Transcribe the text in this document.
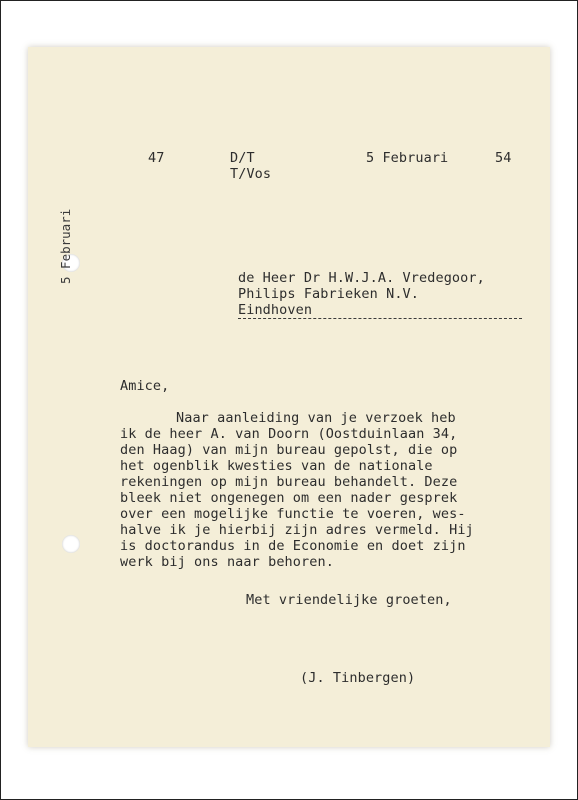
5 Februari
47	D/T
T/Vos
5 Februari	54
de Heer Dr H.W.J.A. Vredegoor,
Philips Fabrieken N.V.
Eindhoven
Amice,
Naar aanleiding van je verzoek heb
ik de heer A. van Doorn (Oostduinlaan 34,
den Haag) van mijn bureau gepolst, die op
het ogenblik kwesties van de nationale
rekeningen op mijn bureau behandelt. Deze
bleek niet ongenegen om een nader gesprek
over een mogelijke functie te voeren, wes-
halve ik je hierbij zijn adres vermeld. Hij
is doctorandus in de Economie en doet zijn
werk bij ons naar behoren.
Met vriendelijke groeten,
(J. Tinbergen)
